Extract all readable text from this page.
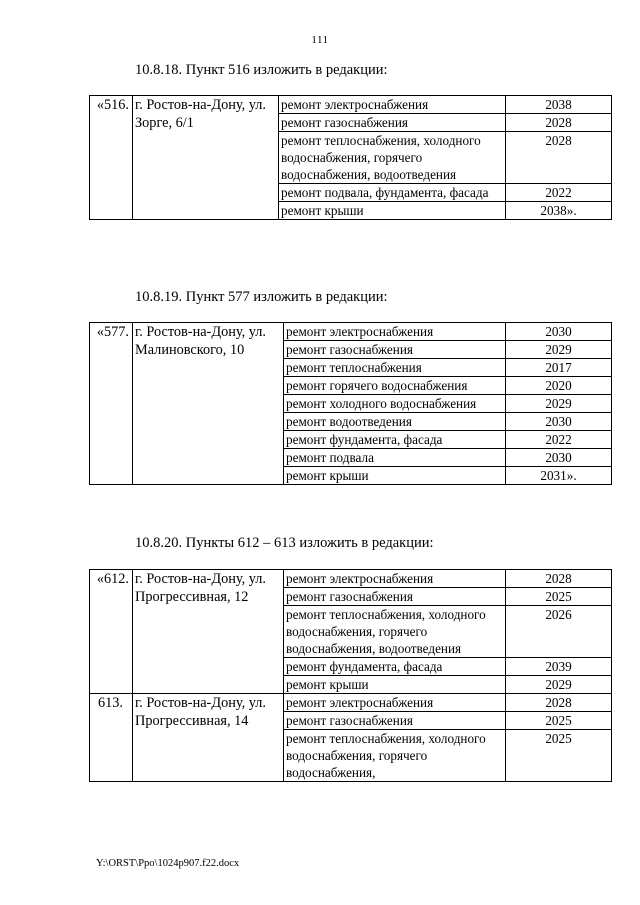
111
10.8.18. Пункт 516 изложить в редакции:
«516.	г. Ростов-на-Дону, ул. Зорге, 6/1	ремонт электроснабжения	2038
		ремонт газоснабжения	2028
		ремонт теплоснабжения, холодного водоснабжения, горячего водоснабжения, водоотведения	2028
		ремонт подвала, фундамента, фасада	2022
		ремонт крыши	2038».
10.8.19. Пункт 577 изложить в редакции:
«577.	г. Ростов-на-Дону, ул. Малиновского, 10	ремонт электроснабжения	2030
		ремонт газоснабжения	2029
		ремонт теплоснабжения	2017
		ремонт горячего водоснабжения	2020
		ремонт холодного водоснабжения	2029
		ремонт водоотведения	2030
		ремонт фундамента, фасада	2022
		ремонт подвала	2030
		ремонт крыши	2031».
10.8.20. Пункты 612 – 613 изложить в редакции:
«612.	г. Ростов-на-Дону, ул. Прогрессивная, 12	ремонт электроснабжения	2028
		ремонт газоснабжения	2025
		ремонт теплоснабжения, холодного водоснабжения, горячего водоснабжения, водоотведения	2026
		ремонт фундамента, фасада	2039
		ремонт крыши	2029
613.	г. Ростов-на-Дону, ул. Прогрессивная, 14	ремонт электроснабжения	2028
		ремонт газоснабжения	2025
		ремонт теплоснабжения, холодного водоснабжения, горячего водоснабжения,	2025
Y:\ORST\Ppo\1024p907.f22.docx
